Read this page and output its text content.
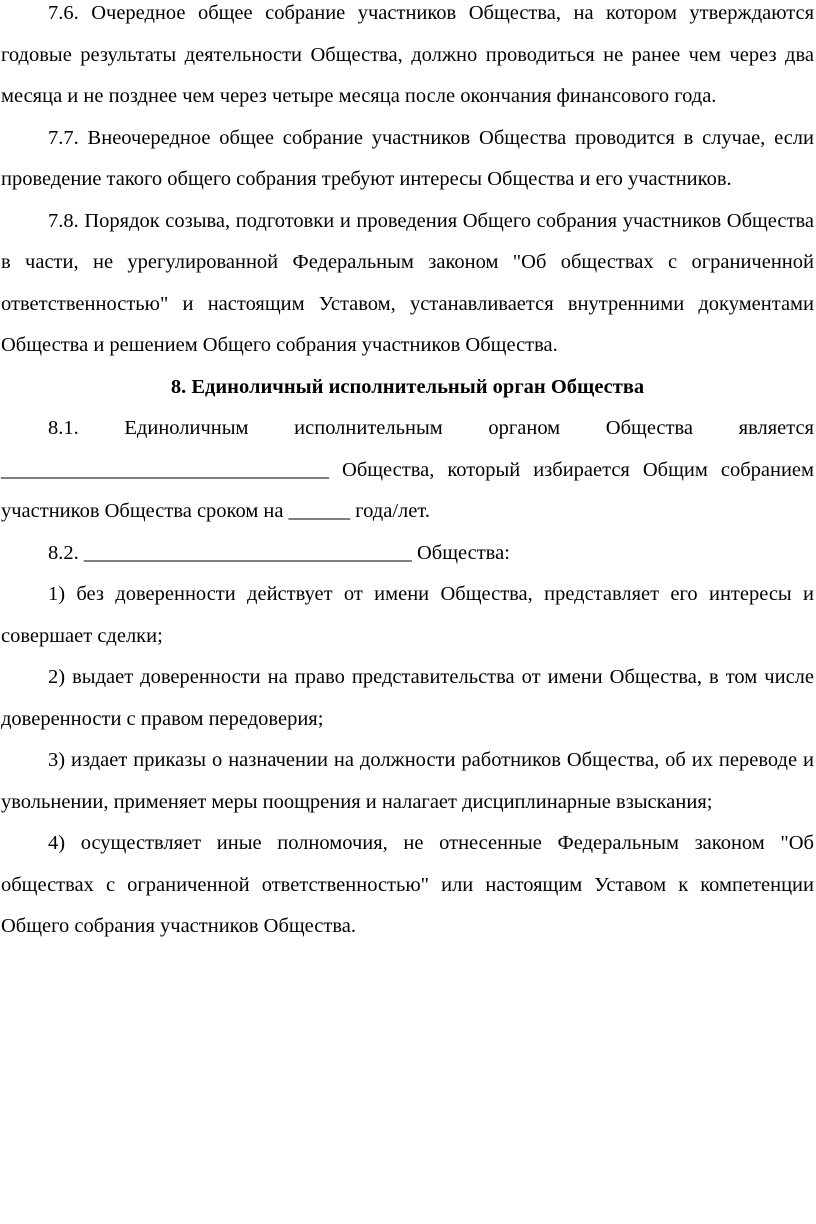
7.6. Очередное общее собрание участников Общества, на котором утверждаются годовые результаты деятельности Общества, должно проводиться не ранее чем через два месяца и не позднее чем через четыре месяца после окончания финансового года.

7.7. Внеочередное общее собрание участников Общества проводится в случае, если проведение такого общего собрания требуют интересы Общества и его участников.

7.8. Порядок созыва, подготовки и проведения Общего собрания участников Общества в части, не урегулированной Федеральным законом "Об обществах с ограниченной ответственностью" и настоящим Уставом, устанавливается внутренними документами Общества и решением Общего собрания участников Общества.

8. Единоличный исполнительный орган Общества

8.1. Единоличным исполнительным органом Общества является ________________________________ Общества, который избирается Общим собранием участников Общества сроком на ______ года/лет.

8.2. ________________________________ Общества:

1) без доверенности действует от имени Общества, представляет его интересы и совершает сделки;

2) выдает доверенности на право представительства от имени Общества, в том числе доверенности с правом передоверия;

3) издает приказы о назначении на должности работников Общества, об их переводе и увольнении, применяет меры поощрения и налагает дисциплинарные взыскания;

4) осуществляет иные полномочия, не отнесенные Федеральным законом "Об обществах с ограниченной ответственностью" или настоящим Уставом к компетенции Общего собрания участников Общества.
